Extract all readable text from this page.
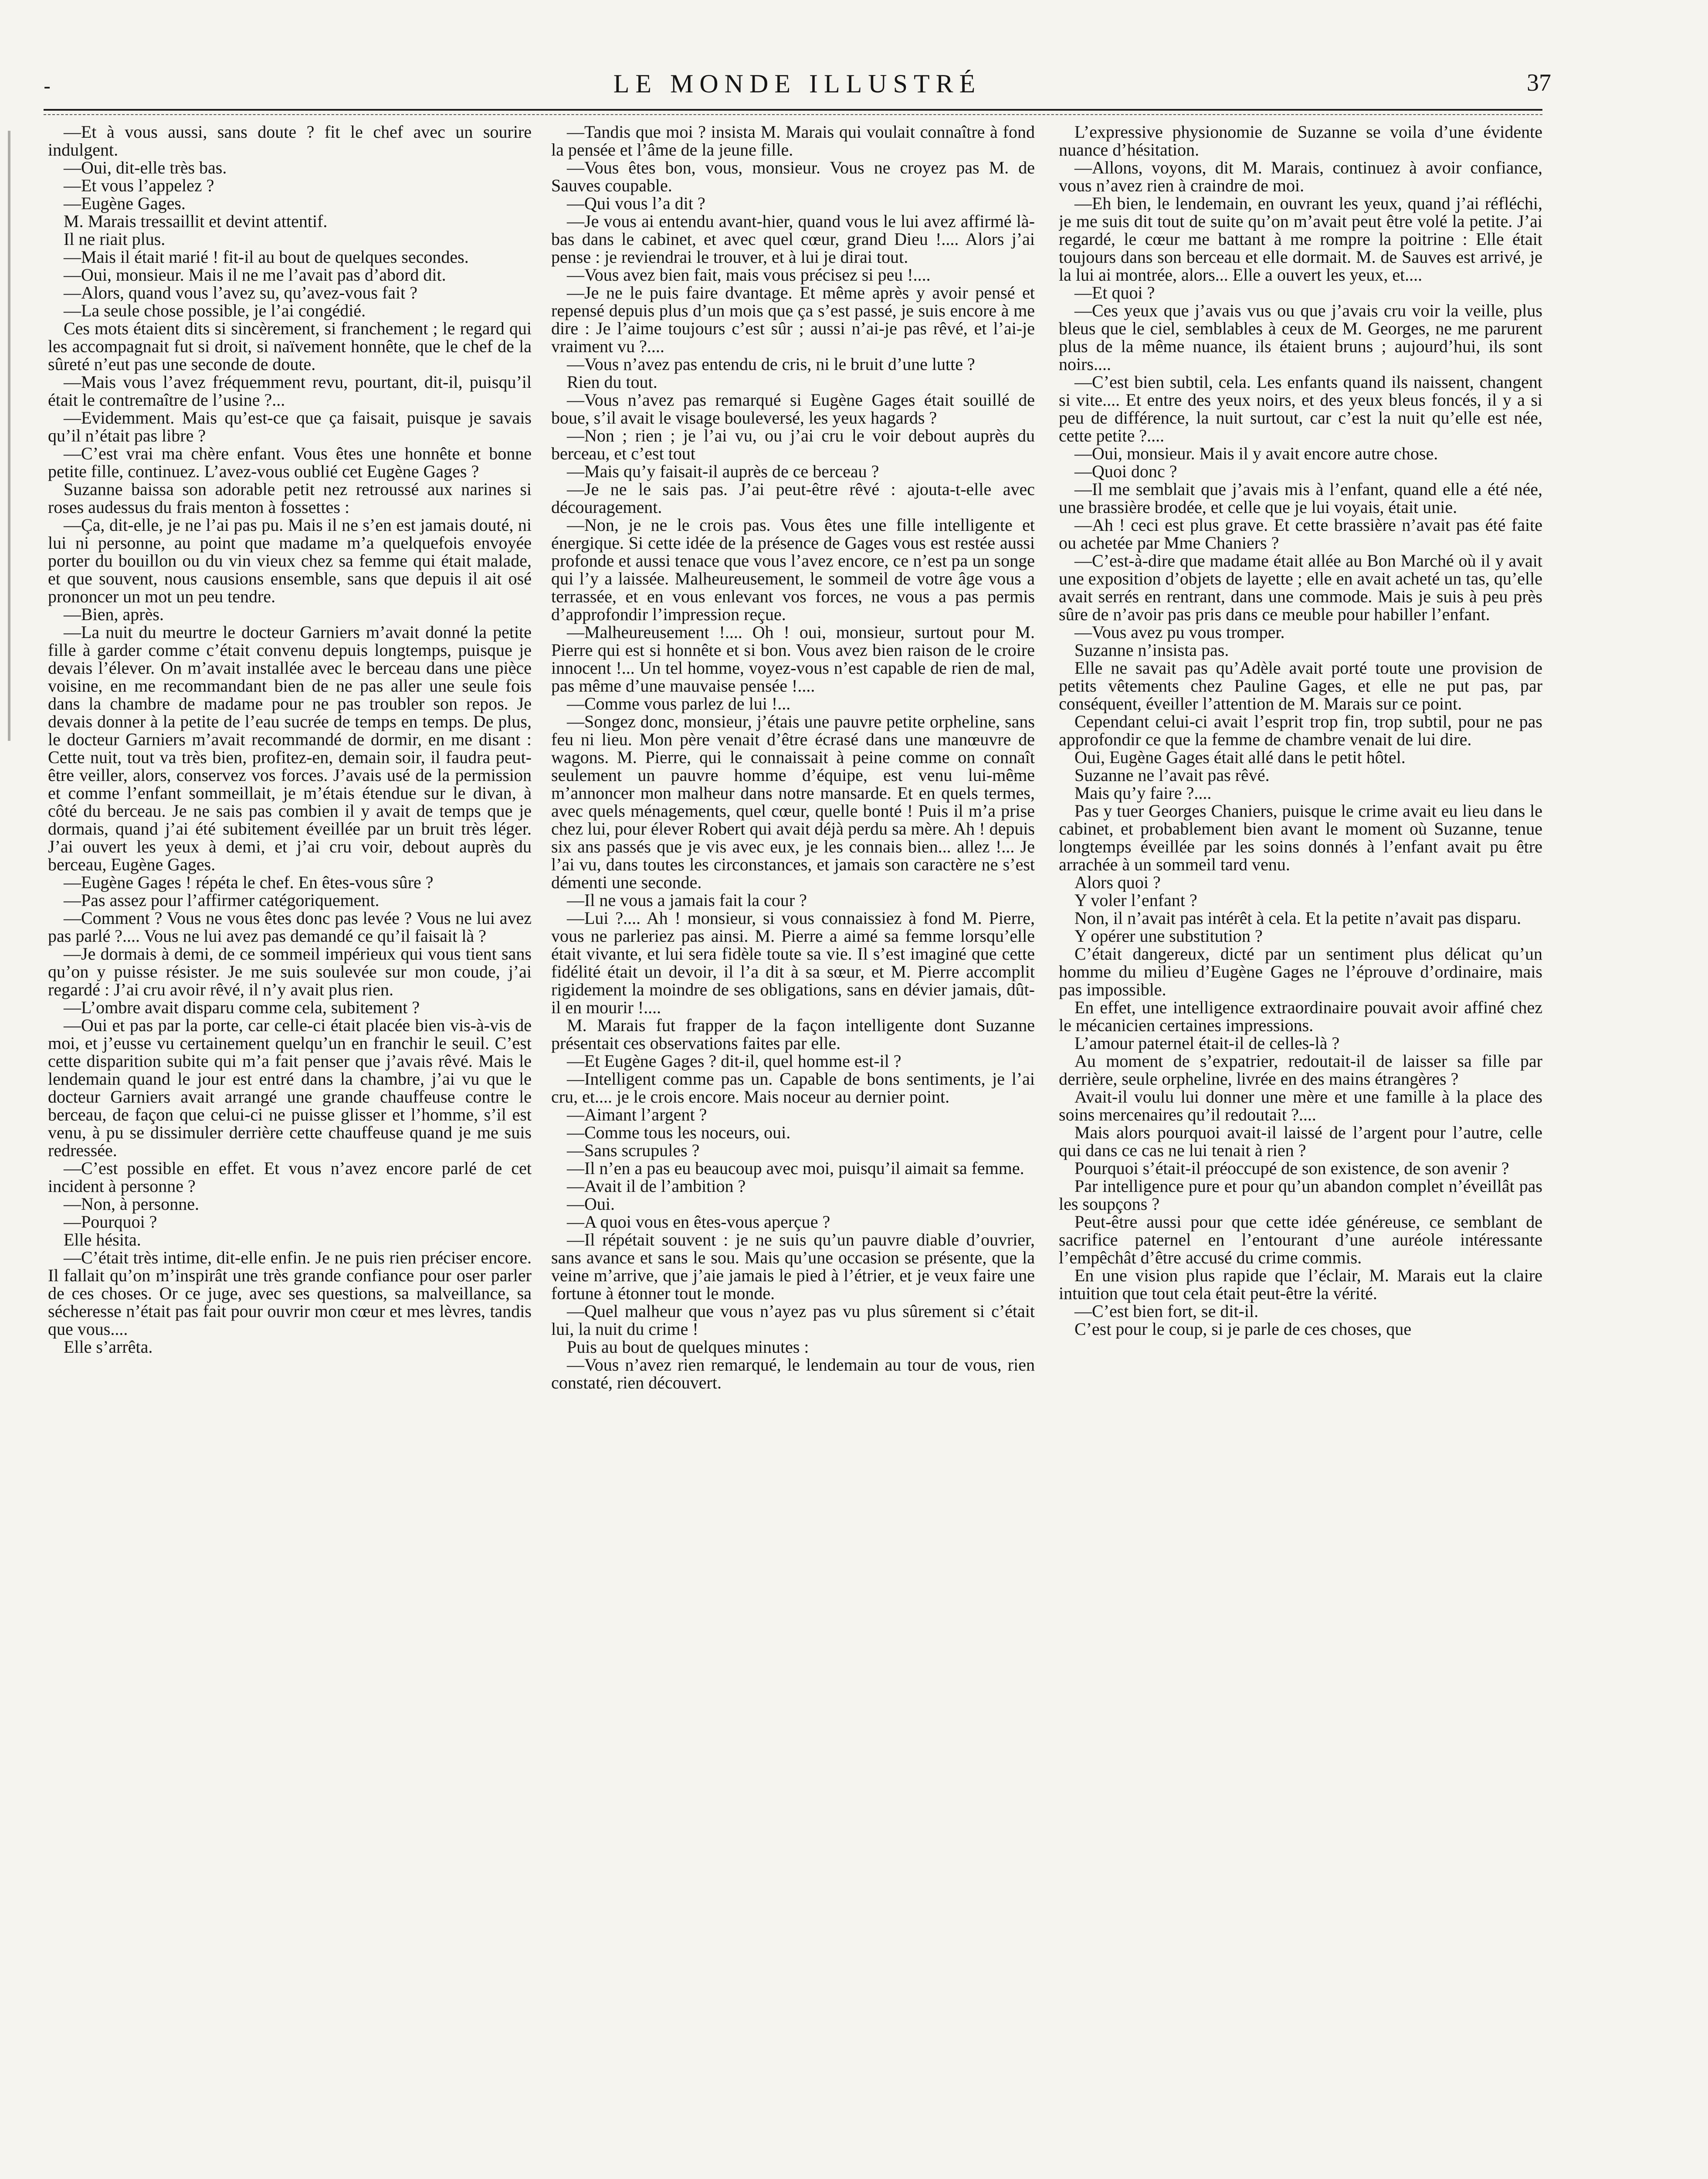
-	LE MONDE ILLUSTRÉ	37

—Et à vous aussi, sans doute ? fit le chef avec un sourire indulgent.

—Oui, dit-elle très bas.

—Et vous l’appelez ?

—Eugène Gages.

M. Marais tressaillit et devint attentif.

Il ne riait plus.

—Mais il était marié ! fit-il au bout de quelques secondes.

—Oui, monsieur. Mais il ne me l’avait pas d’abord dit.

—Alors, quand vous l’avez su, qu’avez-vous fait ?

—La seule chose possible, je l’ai congédié.

Ces mots étaient dits si sincèrement, si franchement ; le regard qui les accompagnait fut si droit, si naïvement honnête, que le chef de la sûreté n’eut pas une seconde de doute.

—Mais vous l’avez fréquemment revu, pourtant, dit-il, puisqu’il était le contremaître de l’usine ?...

—Evidemment. Mais qu’est-ce que ça faisait, puisque je savais qu’il n’était pas libre ?

—C’est vrai ma chère enfant. Vous êtes une honnête et bonne petite fille, continuez. L’avez-vous oublié cet Eugène Gages ?

Suzanne baissa son adorable petit nez retroussé aux narines si roses audessus du frais menton à fossettes :

—Ça, dit-elle, je ne l’ai pas pu. Mais il ne s’en est jamais douté, ni lui ni personne, au point que madame m’a quelquefois envoyée porter du bouillon ou du vin vieux chez sa femme qui était malade, et que souvent, nous causions ensemble, sans que depuis il ait osé prononcer un mot un peu tendre.

—Bien, après.

—La nuit du meurtre le docteur Garniers m’avait donné la petite fille à garder comme c’était convenu depuis longtemps, puisque je devais l’élever. On m’avait installée avec le berceau dans une pièce voisine, en me recommandant bien de ne pas aller une seule fois dans la chambre de madame pour ne pas troubler son repos. Je devais donner à la petite de l’eau sucrée de temps en temps. De plus, le docteur Garniers m’avait recommandé de dormir, en me disant : Cette nuit, tout va très bien, profitez-en, demain soir, il faudra peut-être veiller, alors, conservez vos forces. J’avais usé de la permission et comme l’enfant sommeillait, je m’étais étendue sur le divan, à côté du berceau. Je ne sais pas combien il y avait de temps que je dormais, quand j’ai été subitement éveillée par un bruit très léger. J’ai ouvert les yeux à demi, et j’ai cru voir, debout auprès du berceau, Eugène Gages.

—Eugène Gages ! répéta le chef. En êtes-vous sûre ?

—Pas assez pour l’affirmer catégoriquement.

—Comment ? Vous ne vous êtes donc pas levée ? Vous ne lui avez pas parlé ?.... Vous ne lui avez pas demandé ce qu’il faisait là ?

—Je dormais à demi, de ce sommeil impérieux qui vous tient sans qu’on y puisse résister. Je me suis soulevée sur mon coude, j’ai regardé : J’ai cru avoir rêvé, il n’y avait plus rien.

—L’ombre avait disparu comme cela, subitement ?

—Oui et pas par la porte, car celle-ci était placée bien vis-à-vis de moi, et j’eusse vu certainement quelqu’un en franchir le seuil. C’est cette disparition subite qui m’a fait penser que j’avais rêvé. Mais le lendemain quand le jour est entré dans la chambre, j’ai vu que le docteur Garniers avait arrangé une grande chauffeuse contre le berceau, de façon que celui-ci ne puisse glisser et l’homme, s’il est venu, à pu se dissimuler derrière cette chauffeuse quand je me suis redressée.

—C’est possible en effet. Et vous n’avez encore parlé de cet incident à personne ?

—Non, à personne.

—Pourquoi ?

Elle hésita.

—C’était très intime, dit-elle enfin. Je ne puis rien préciser encore. Il fallait qu’on m’inspirât une très grande confiance pour oser parler de ces choses. Or ce juge, avec ses questions, sa malveillance, sa sécheresse n’était pas fait pour ouvrir mon cœur et mes lèvres, tandis que vous....

Elle s’arrêta.

—Tandis que moi ? insista M. Marais qui voulait connaître à fond la pensée et l’âme de la jeune fille.

—Vous êtes bon, vous, monsieur. Vous ne croyez pas M. de Sauves coupable.

—Qui vous l’a dit ?

—Je vous ai entendu avant-hier, quand vous le lui avez affirmé là-bas dans le cabinet, et avec quel cœur, grand Dieu !.... Alors j’ai pense : je reviendrai le trouver, et à lui je dirai tout.

—Vous avez bien fait, mais vous précisez si peu !....

—Je ne le puis faire dvantage. Et même après y avoir pensé et repensé depuis plus d’un mois que ça s’est passé, je suis encore à me dire : Je l’aime toujours c’est sûr ; aussi n’ai-je pas rêvé, et l’ai-je vraiment vu ?....

—Vous n’avez pas entendu de cris, ni le bruit d’une lutte ?

Rien du tout.

—Vous n’avez pas remarqué si Eugène Gages était souillé de boue, s’il avait le visage bouleversé, les yeux hagards ?

—Non ; rien ; je l’ai vu, ou j’ai cru le voir debout auprès du berceau, et c’est tout

—Mais qu’y faisait-il auprès de ce berceau ?

—Je ne le sais pas. J’ai peut-être rêvé : ajouta-t-elle avec découragement.

—Non, je ne le crois pas. Vous êtes une fille intelligente et énergique. Si cette idée de la présence de Gages vous est restée aussi profonde et aussi tenace que vous l’avez encore, ce n’est pa un songe qui l’y a laissée. Malheureusement, le sommeil de votre âge vous a terrassée, et en vous enlevant vos forces, ne vous a pas permis d’approfondir l’impression reçue.

—Malheureusement !.... Oh ! oui, monsieur, surtout pour M. Pierre qui est si honnête et si bon. Vous avez bien raison de le croire innocent !... Un tel homme, voyez-vous n’est capable de rien de mal, pas même d’une mauvaise pensée !....

—Comme vous parlez de lui !...

—Songez donc, monsieur, j’étais une pauvre petite orpheline, sans feu ni lieu. Mon père venait d’être écrasé dans une manœuvre de wagons. M. Pierre, qui le connaissait à peine comme on connaît seulement un pauvre homme d’équipe, est venu lui-même m’annoncer mon malheur dans notre mansarde. Et en quels termes, avec quels ménagements, quel cœur, quelle bonté ! Puis il m’a prise chez lui, pour élever Robert qui avait déjà perdu sa mère. Ah ! depuis six ans passés que je vis avec eux, je les connais bien... allez !... Je l’ai vu, dans toutes les circonstances, et jamais son caractère ne s’est démenti une seconde.

—Il ne vous a jamais fait la cour ?

—Lui ?.... Ah ! monsieur, si vous connaissiez à fond M. Pierre, vous ne parleriez pas ainsi. M. Pierre a aimé sa femme lorsqu’elle était vivante, et lui sera fidèle toute sa vie. Il s’est imaginé que cette fidélité était un devoir, il l’a dit à sa sœur, et M. Pierre accomplit rigidement la moindre de ses obligations, sans en dévier jamais, dût-il en mourir !....

M. Marais fut frapper de la façon intelligente dont Suzanne présentait ces observations faites par elle.

—Et Eugène Gages ? dit-il, quel homme est-il ?

—Intelligent comme pas un. Capable de bons sentiments, je l’ai cru, et.... je le crois encore. Mais noceur au dernier point.

—Aimant l’argent ?

—Comme tous les noceurs, oui.

—Sans scrupules ?

—Il n’en a pas eu beaucoup avec moi, puisqu’il aimait sa femme.

—Avait il de l’ambition ?

—Oui.

—A quoi vous en êtes-vous aperçue ?

—Il répétait souvent : je ne suis qu’un pauvre diable d’ouvrier, sans avance et sans le sou. Mais qu’une occasion se présente, que la veine m’arrive, que j’aie jamais le pied à l’étrier, et je veux faire une fortune à étonner tout le monde.

—Quel malheur que vous n’ayez pas vu plus sûrement si c’était lui, la nuit du crime !

Puis au bout de quelques minutes :

—Vous n’avez rien remarqué, le lendemain au tour de vous, rien constaté, rien découvert.

L’expressive physionomie de Suzanne se voila d’une évidente nuance d’hésitation.

—Allons, voyons, dit M. Marais, continuez à avoir confiance, vous n’avez rien à craindre de moi.

—Eh bien, le lendemain, en ouvrant les yeux, quand j’ai réfléchi, je me suis dit tout de suite qu’on m’avait peut être volé la petite. J’ai regardé, le cœur me battant à me rompre la poitrine : Elle était toujours dans son berceau et elle dormait. M. de Sauves est arrivé, je la lui ai montrée, alors... Elle a ouvert les yeux, et....

—Et quoi ?

—Ces yeux que j’avais vus ou que j’avais cru voir la veille, plus bleus que le ciel, semblables à ceux de M. Georges, ne me parurent plus de la même nuance, ils étaient bruns ; aujourd’hui, ils sont noirs....

—C’est bien subtil, cela. Les enfants quand ils naissent, changent si vite.... Et entre des yeux noirs, et des yeux bleus foncés, il y a si peu de différence, la nuit surtout, car c’est la nuit qu’elle est née, cette petite ?....

—Oui, monsieur. Mais il y avait encore autre chose.

—Quoi donc ?

—Il me semblait que j’avais mis à l’enfant, quand elle a été née, une brassière brodée, et celle que je lui voyais, était unie.

—Ah ! ceci est plus grave. Et cette brassière n’avait pas été faite ou achetée par Mme Chaniers ?

—C’est-à-dire que madame était allée au Bon Marché où il y avait une exposition d’objets de layette ; elle en avait acheté un tas, qu’elle avait serrés en rentrant, dans une commode. Mais je suis à peu près sûre de n’avoir pas pris dans ce meuble pour habiller l’enfant.

—Vous avez pu vous tromper.

Suzanne n’insista pas.

Elle ne savait pas qu’Adèle avait porté toute une provision de petits vêtements chez Pauline Gages, et elle ne put pas, par conséquent, éveiller l’attention de M. Marais sur ce point.

Cependant celui-ci avait l’esprit trop fin, trop subtil, pour ne pas approfondir ce que la femme de chambre venait de lui dire.

Oui, Eugène Gages était allé dans le petit hôtel.

Suzanne ne l’avait pas rêvé.

Mais qu’y faire ?....

Pas y tuer Georges Chaniers, puisque le crime avait eu lieu dans le cabinet, et probablement bien avant le moment où Suzanne, tenue longtemps éveillée par les soins donnés à l’enfant avait pu être arrachée à un sommeil tard venu.

Alors quoi ?

Y voler l’enfant ?

Non, il n’avait pas intérêt à cela. Et la petite n’avait pas disparu.

Y opérer une substitution ?

C’était dangereux, dicté par un sentiment plus délicat qu’un homme du milieu d’Eugène Gages ne l’éprouve d’ordinaire, mais pas impossible.

En effet, une intelligence extraordinaire pouvait avoir affiné chez le mécanicien certaines impressions.

L’amour paternel était-il de celles-là ?

Au moment de s’expatrier, redoutait-il de laisser sa fille par derrière, seule orpheline, livrée en des mains étrangères ?

Avait-il voulu lui donner une mère et une famille à la place des soins mercenaires qu’il redoutait ?....

Mais alors pourquoi avait-il laissé de l’argent pour l’autre, celle qui dans ce cas ne lui tenait à rien ?

Pourquoi s’était-il préoccupé de son existence, de son avenir ?

Par intelligence pure et pour qu’un abandon complet n’éveillât pas les soupçons ?

Peut-être aussi pour que cette idée généreuse, ce semblant de sacrifice paternel en l’entourant d’une auréole intéressante l’empêchât d’être accusé du crime commis.

En une vision plus rapide que l’éclair, M. Marais eut la claire intuition que tout cela était peut-être la vérité.

—C’est bien fort, se dit-il.

C’est pour le coup, si je parle de ces choses, que
